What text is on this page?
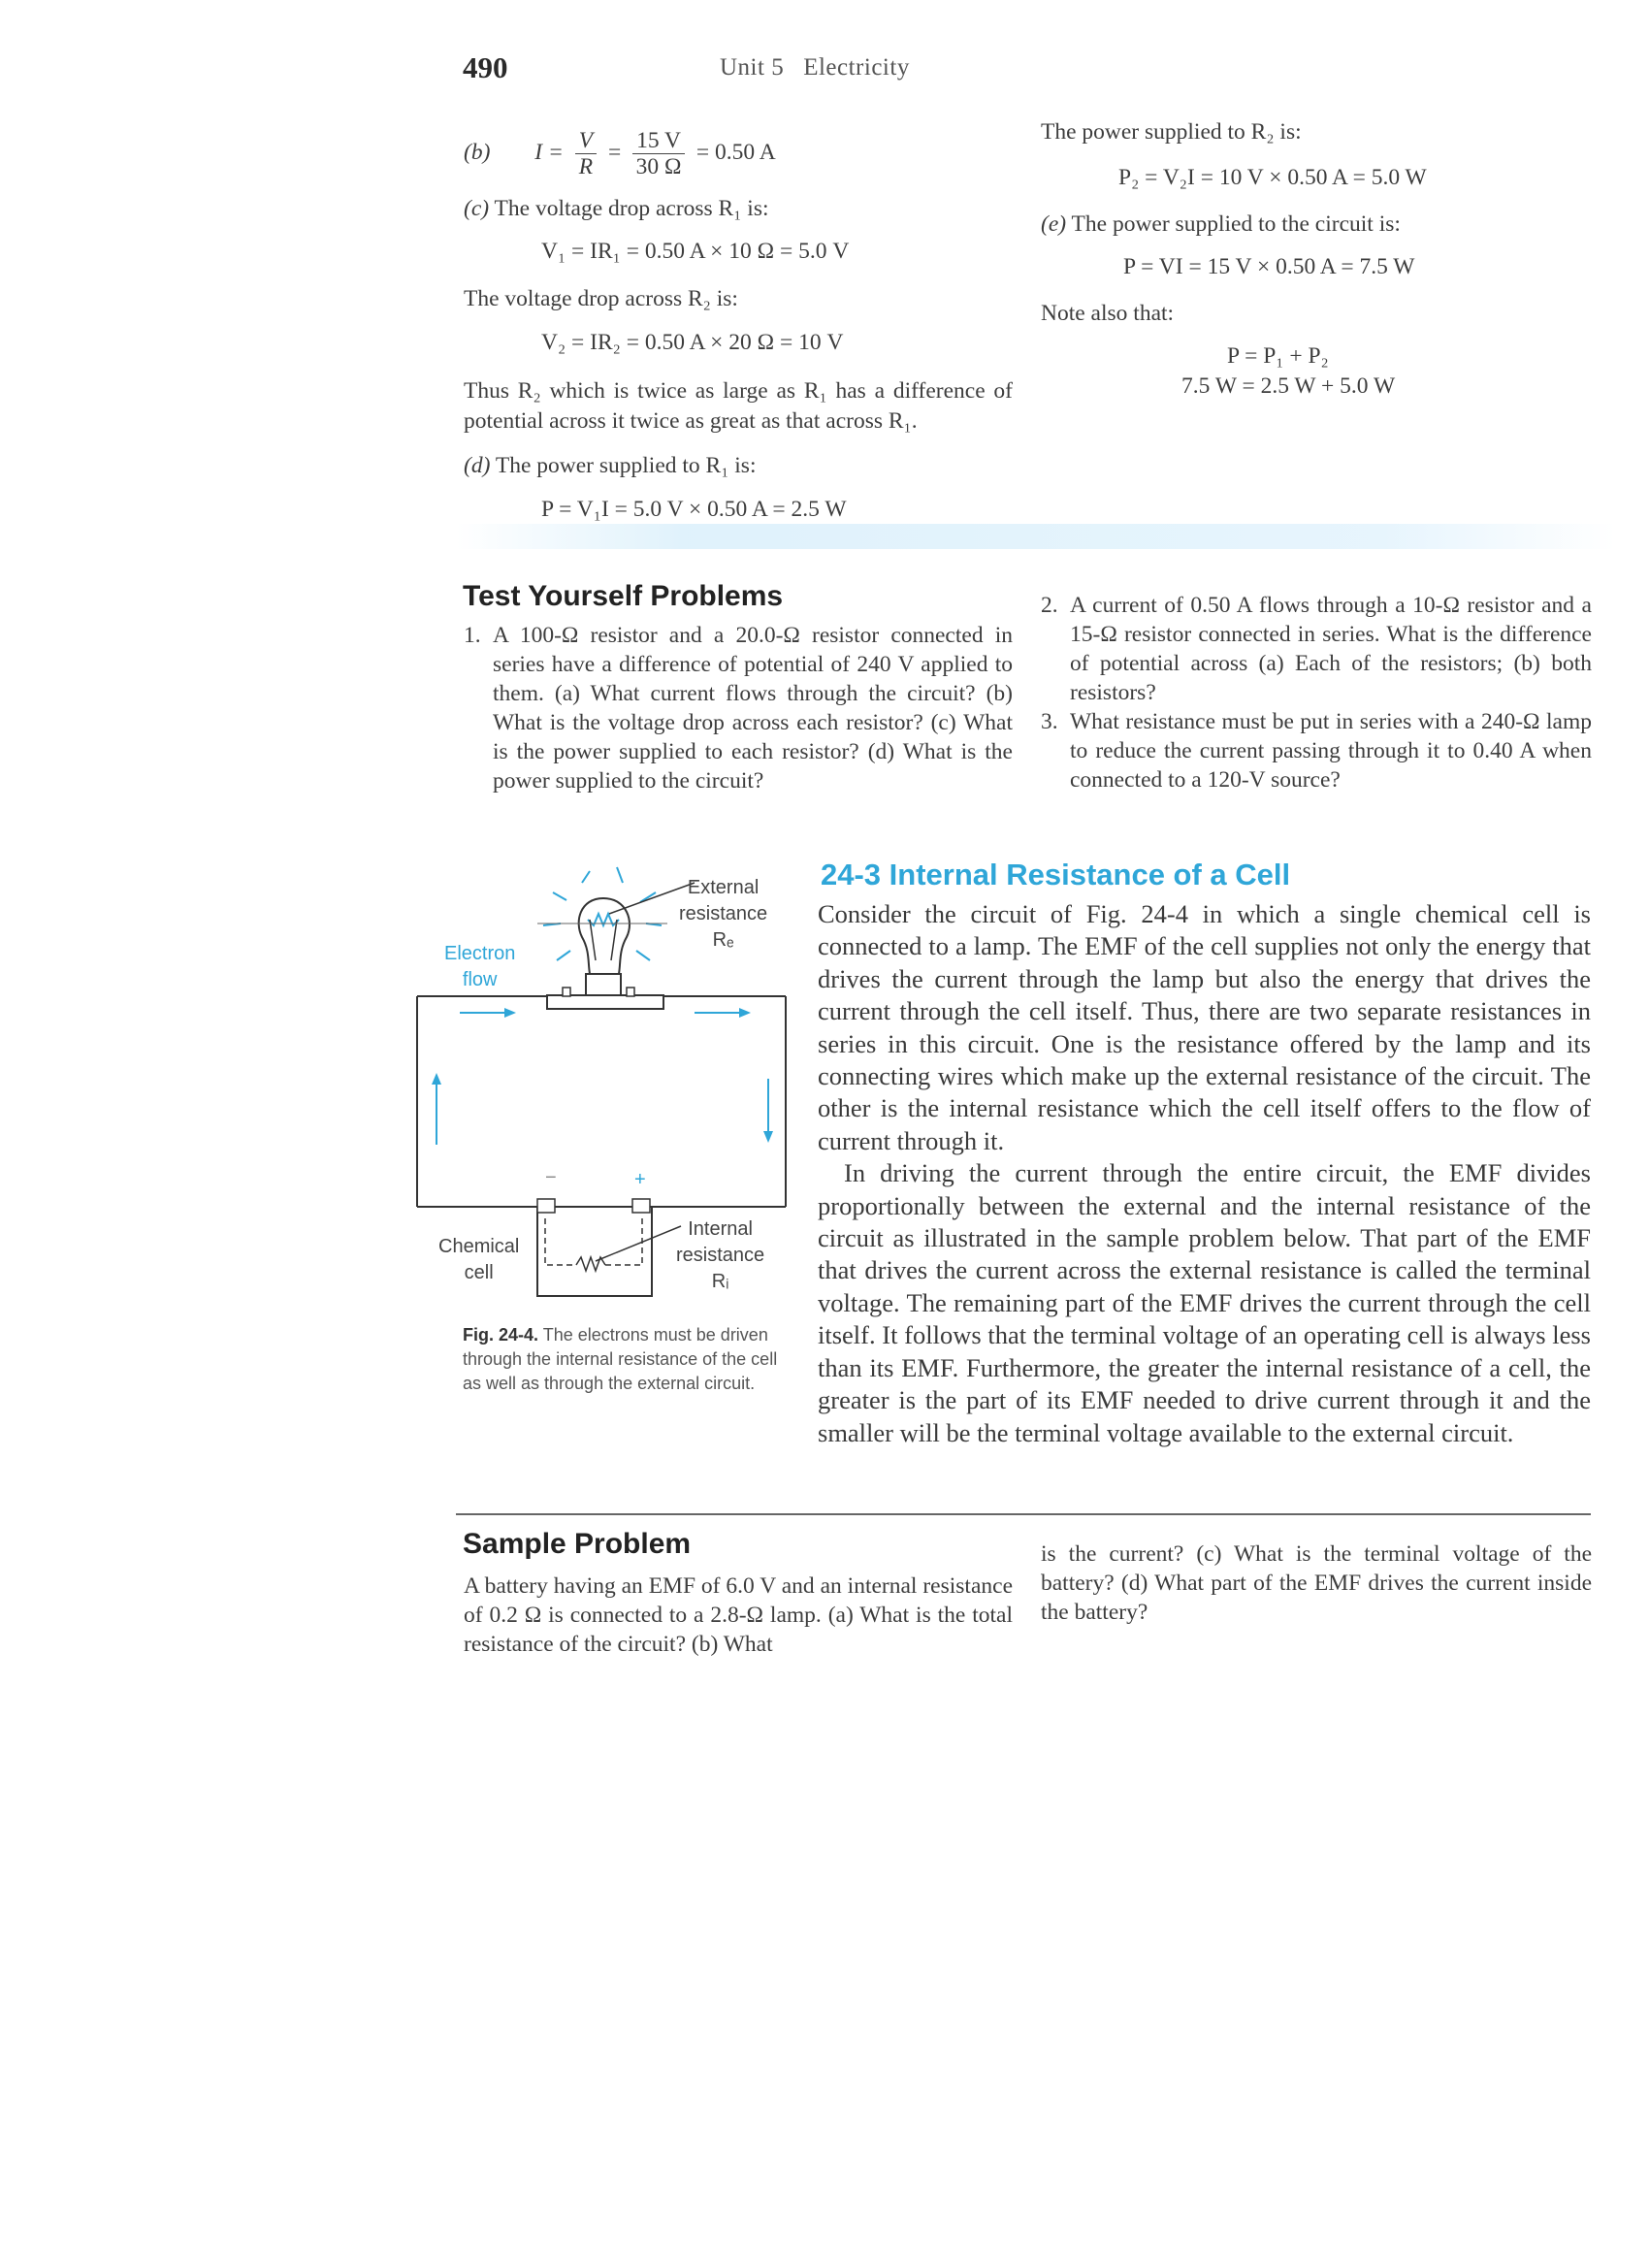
490	Unit 5 Electricity
(b) $I = \frac{V}{R} = \frac{15 V}{30 \Omega} = 0.50$ A
(c) The voltage drop across R₁ is:
V₁ = IR₁ = 0.50 A × 10 Ω = 5.0 V
The voltage drop across R₂ is:
V₂ = IR₂ = 0.50 A × 20 Ω = 10 V
Thus R₂ which is twice as large as R₁ has a difference of potential across it twice as great as that across R₁.
(d) The power supplied to R₁ is:
P = V₁I = 5.0 V × 0.50 A = 2.5 W
The power supplied to R₂ is:
P₂ = V₂I = 10 V × 0.50 A = 5.0 W
(e) The power supplied to the circuit is:
P = VI = 15 V × 0.50 A = 7.5 W
Note also that:
P = P₁ + P₂
7.5 W = 2.5 W + 5.0 W
Test Yourself Problems
1. A 100-Ω resistor and a 20.0-Ω resistor connected in series have a difference of potential of 240 V applied to them. (a) What current flows through the circuit? (b) What is the voltage drop across each resistor? (c) What is the power supplied to each resistor? (d) What is the power supplied to the circuit?
2. A current of 0.50 A flows through a 10-Ω resistor and a 15-Ω resistor connected in series. What is the difference of potential across (a) Each of the resistors; (b) both resistors?
3. What resistance must be put in series with a 240-Ω lamp to reduce the current passing through it to 0.40 A when connected to a 120-V source?
−	+
External
resistance
Rₑ
Electron
flow
Chemical
cell
Internal
resistance
Rᵢ
Fig. 24-4. The electrons must be driven through the internal resistance of the cell as well as through the external circuit.
24-3 Internal Resistance of a Cell
Consider the circuit of Fig. 24-4 in which a single chemical cell is connected to a lamp. The EMF of the cell supplies not only the energy that drives the current through the lamp but also the energy that drives the current through the cell itself. Thus, there are two separate resistances in series in this circuit. One is the resistance offered by the lamp and its connecting wires which make up the external resistance of the circuit. The other is the internal resistance which the cell itself offers to the flow of current through it.
In driving the current through the entire circuit, the EMF divides proportionally between the external and the internal resistance of the circuit as illustrated in the sample problem below. That part of the EMF that drives the current across the external resistance is called the terminal voltage. The remaining part of the EMF drives the current through the cell itself. It follows that the terminal voltage of an operating cell is always less than its EMF. Furthermore, the greater the internal resistance of a cell, the greater is the part of its EMF needed to drive current through it and the smaller will be the terminal voltage available to the external circuit.
Sample Problem
A battery having an EMF of 6.0 V and an internal resistance of 0.2 Ω is connected to a 2.8-Ω lamp. (a) What is the total resistance of the circuit? (b) What
is the current? (c) What is the terminal voltage of the battery? (d) What part of the EMF drives the current inside the battery?
